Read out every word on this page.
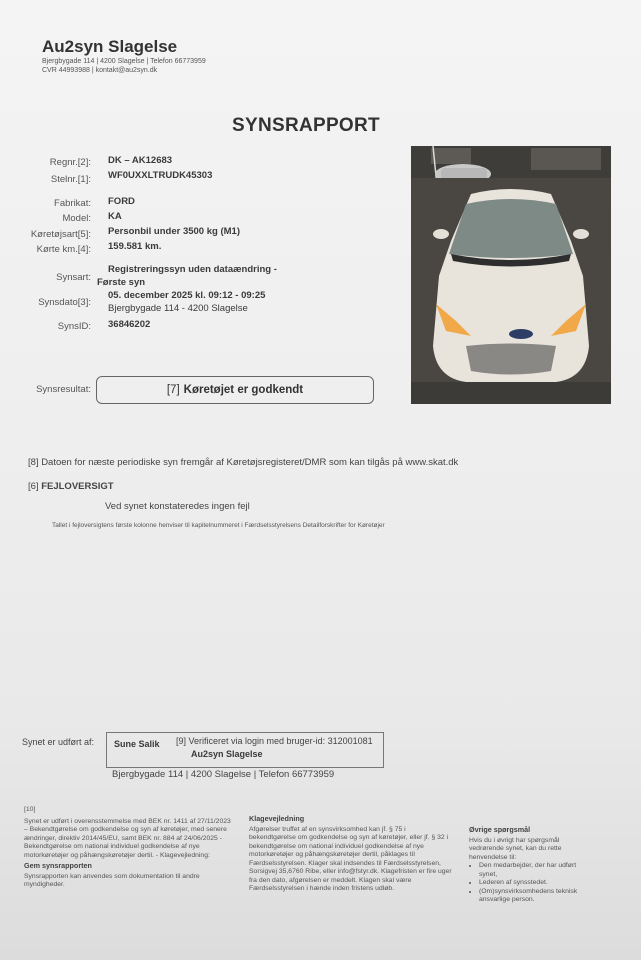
Au2syn Slagelse
Bjergbygade 114 | 4200 Slagelse | Telefon 66773959
CVR 44993988 | kontakt@au2syn.dk
SYNSRAPPORT
Regnr.[2]: DK – AK12683
Stelnr.[1]: WF0UXXLTRUDK45303
Fabrikat: FORD
Model: KA
Køretøjsart[5]: Personbil under 3500 kg (M1)
Kørte km.[4]: 159.581 km.
Synsart:
Registreringssyn uden dataændring -
Første syn
Synsdato[3]:
05. december 2025 kl. 09:12 - 09:25
Bjergbygade 114 - 4200 Slagelse
SynsID: 36846202
Synsresultat:	[7] Køretøjet er godkendt
[8] Datoen for næste periodiske syn fremgår af Køretøjsregisteret/DMR som kan tilgås på www.skat.dk
[6] FEJLOVERSIGT
Ved synet konstateredes ingen fejl
Tallet i fejloversigtens første kolonne henviser til kapitelnummeret i Færdselsstyrelsens Detailforskrifter for Køretøjer
Synet er udført af: Sune Salik [9] Verificeret via login med bruger-id: 312001081
Au2syn Slagelse
Bjergbygade 114 | 4200 Slagelse | Telefon 66773959
[10]
Synet er udført i overensstemmelse med BEK nr. 1411 af 27/11/2023 – Bekendtgørelse om godkendelse og syn af køretøjer, med senere ændringer, direktiv 2014/45/EU, samt BEK nr. 884 af 24/06/2025 - Bekendtgørelse om national individuel godkendelse af nye motorkøretøjer og påhængskøretøjer dertil. - Klagevejledning:
Gem synsrapporten
Synsrapporten kan anvendes som dokumentation til andre myndigheder.
Klagevejledning
Afgørelser truffet af en synsvirksomhed kan jf. § 75 i bekendtgørelse om godkendelse og syn af køretøjer, eller jf. § 32 i bekendtgørelse om national individuel godkendelse af nye motorkøretøjer og påhængskøretøjer dertil, påklages til Færdselsstyrelsen. Klager skal indsendes til Færdselsstyrelsen, Sorsigvej 35,6760 Ribe, eller info@fstyr.dk. Klagefristen er fire uger fra den dato, afgørelsen er meddelt. Klagen skal være Færdselsstyrelsen i hænde inden fristens udløb.
Øvrige spørgsmål
Hvis du i øvrigt har spørgsmål vedrørende synet, kan du rette henvendelse til:
• Den medarbejder, der har udført synet,
• Lederen af synsstedet.
• (Om)synsvirksomhedens teknisk ansvarlige person.
